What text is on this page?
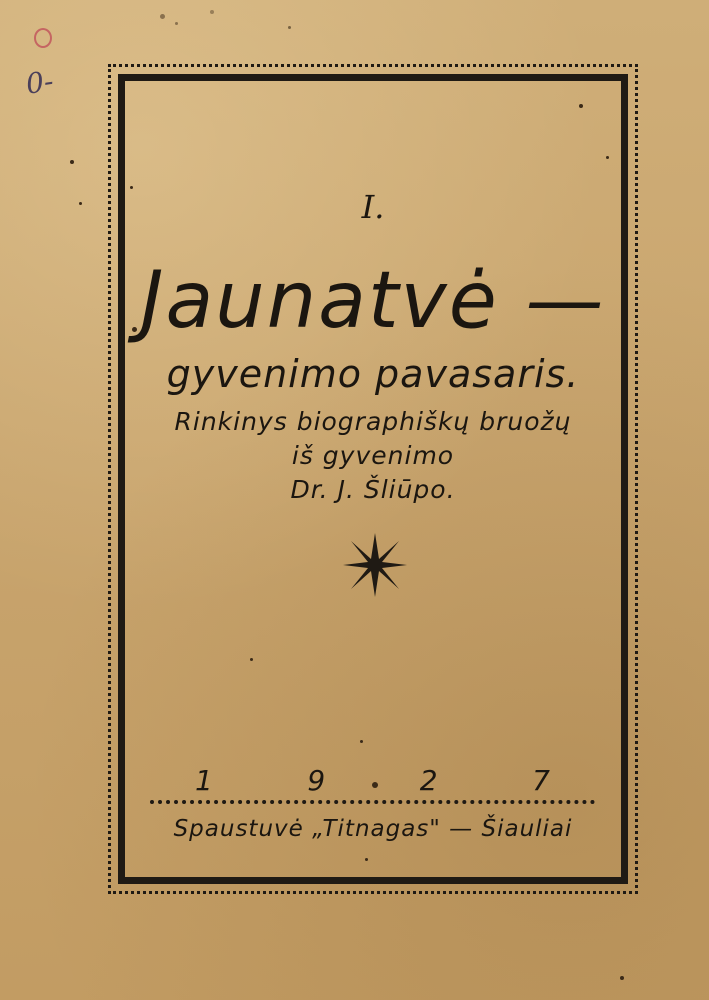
0-
I.
Jaunatvė —
gyvenimo pavasaris.
Rinkinys biographiškų bruožų
iš gyvenimo
Dr. J. Šliūpo.
1	9	2	7
Spaustuvė „Titnagas" — Šiauliai
